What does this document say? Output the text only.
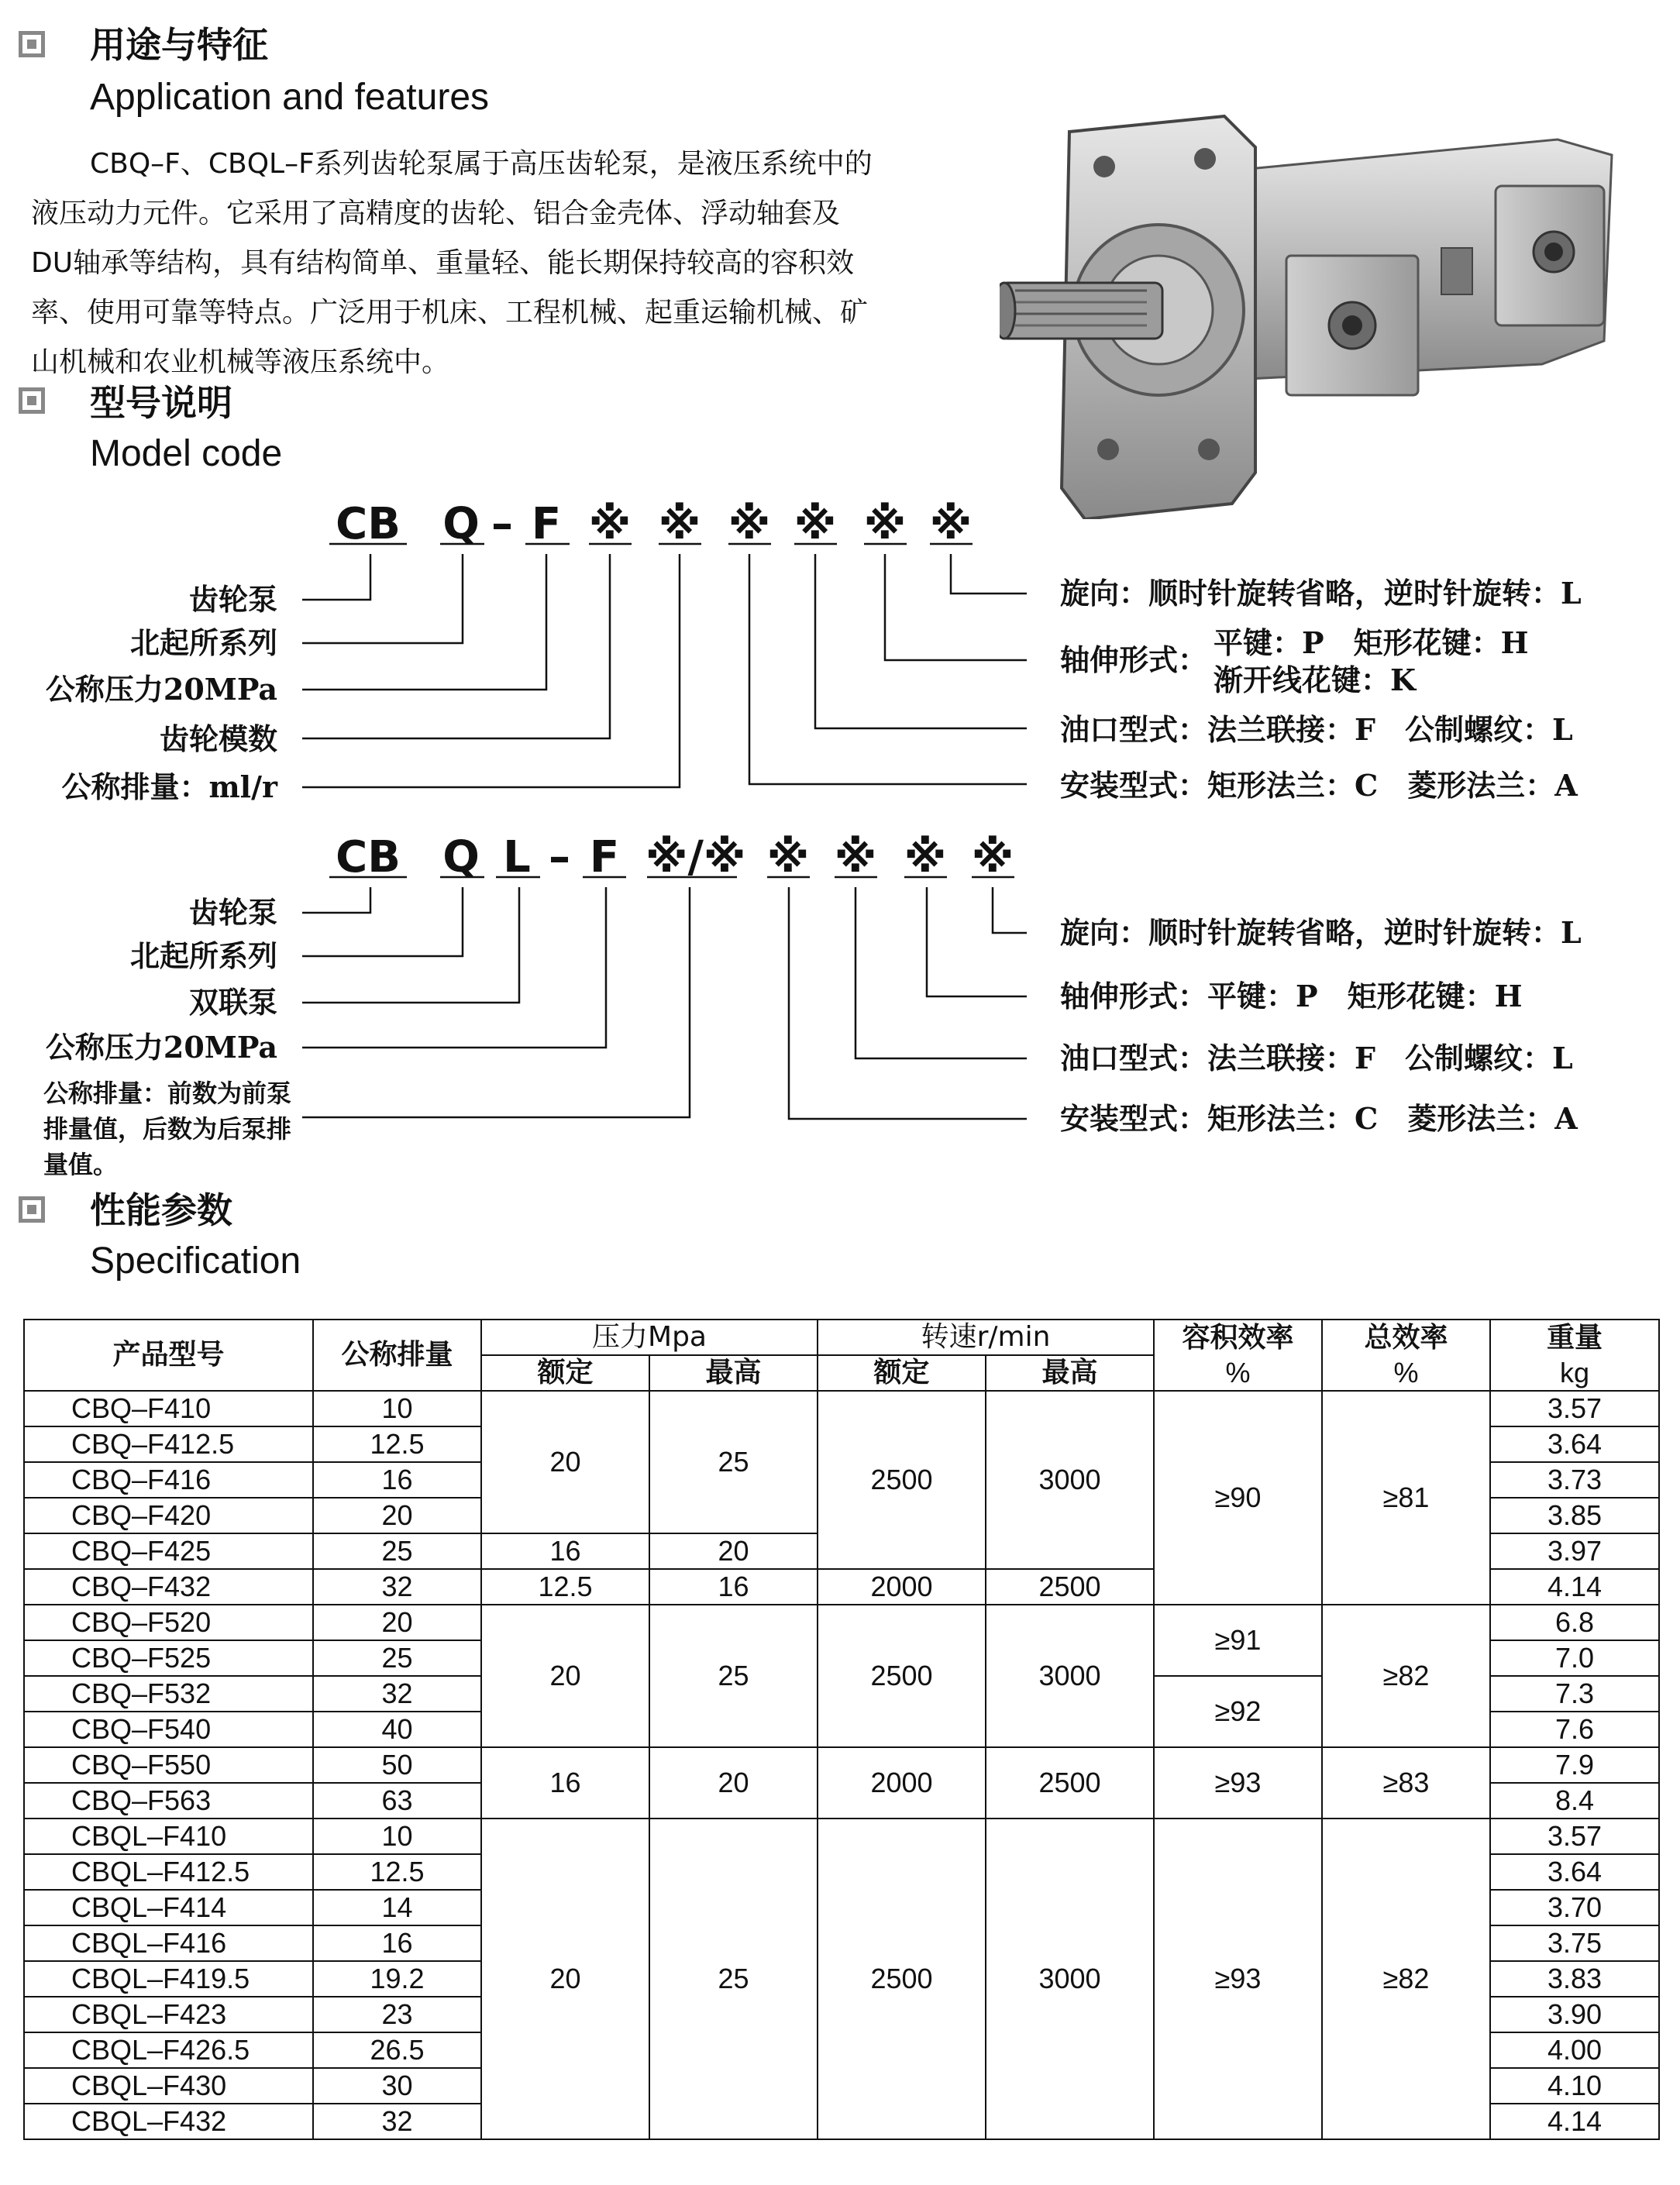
用途与特征
Application and features
CBQ–F、CBQL–F系列齿轮泵属于高压齿轮泵，是液压系统中的液压动力元件。它采用了高精度的齿轮、铝合金壳体、浮动轴套及DU轴承等结构，具有结构简单、重量轻、能长期保持较高的容积效率、使用可靠等特点。广泛用于机床、工程机械、起重运输机械、矿山机械和农业机械等液压系统中。
型号说明
Model code
CB Q – F ※ ※ ※ ※ ※ ※
齿轮泵
北起所系列
公称压力20MPa
齿轮模数
公称排量：ml/r
旋向：顺时针旋转省略，逆时针旋转：L
轴伸形式： 平键：P　矩形花键：H
渐开线花键：K
油口型式：法兰联接：F　公制螺纹：L
安装型式：矩形法兰：C　菱形法兰：A
CB Q L – F ※/※ ※ ※ ※ ※
齿轮泵
北起所系列
双联泵
公称压力20MPa
公称排量：前数为前泵排量值，后数为后泵排量值。
旋向：顺时针旋转省略，逆时针旋转：L
轴伸形式：平键：P　矩形花键：H
油口型式：法兰联接：F　公制螺纹：L
安装型式：矩形法兰：C　菱形法兰：A
性能参数
Specification
产品型号	公称排量	压力Mpa		转速r/min		容积效率	总效率	重量
		额定	最高	额定	最高	%	%	kg
CBQ–F410	10	20	25	2500	3000	≥90	≥81	3.57
CBQ–F412.5	12.5							3.64
CBQ–F416	16							3.73
CBQ–F420	20							3.85
CBQ–F425	25	16	20					3.97
CBQ–F432	32	12.5	16	2000	2500			4.14
CBQ–F520	20	20	25	2500	3000	≥91	≥82	6.8
CBQ–F525	25							7.0
CBQ–F532	32					≥92		7.3
CBQ–F540	40							7.6
CBQ–F550	50	16	20	2000	2500	≥93	≥83	7.9
CBQ–F563	63							8.4
CBQL–F410	10	20	25	2500	3000	≥93	≥82	3.57
CBQL–F412.5	12.5							3.64
CBQL–F414	14							3.70
CBQL–F416	16							3.75
CBQL–F419.5	19.2							3.83
CBQL–F423	23							3.90
CBQL–F426.5	26.5							4.00
CBQL–F430	30							4.10
CBQL–F432	32							4.14
